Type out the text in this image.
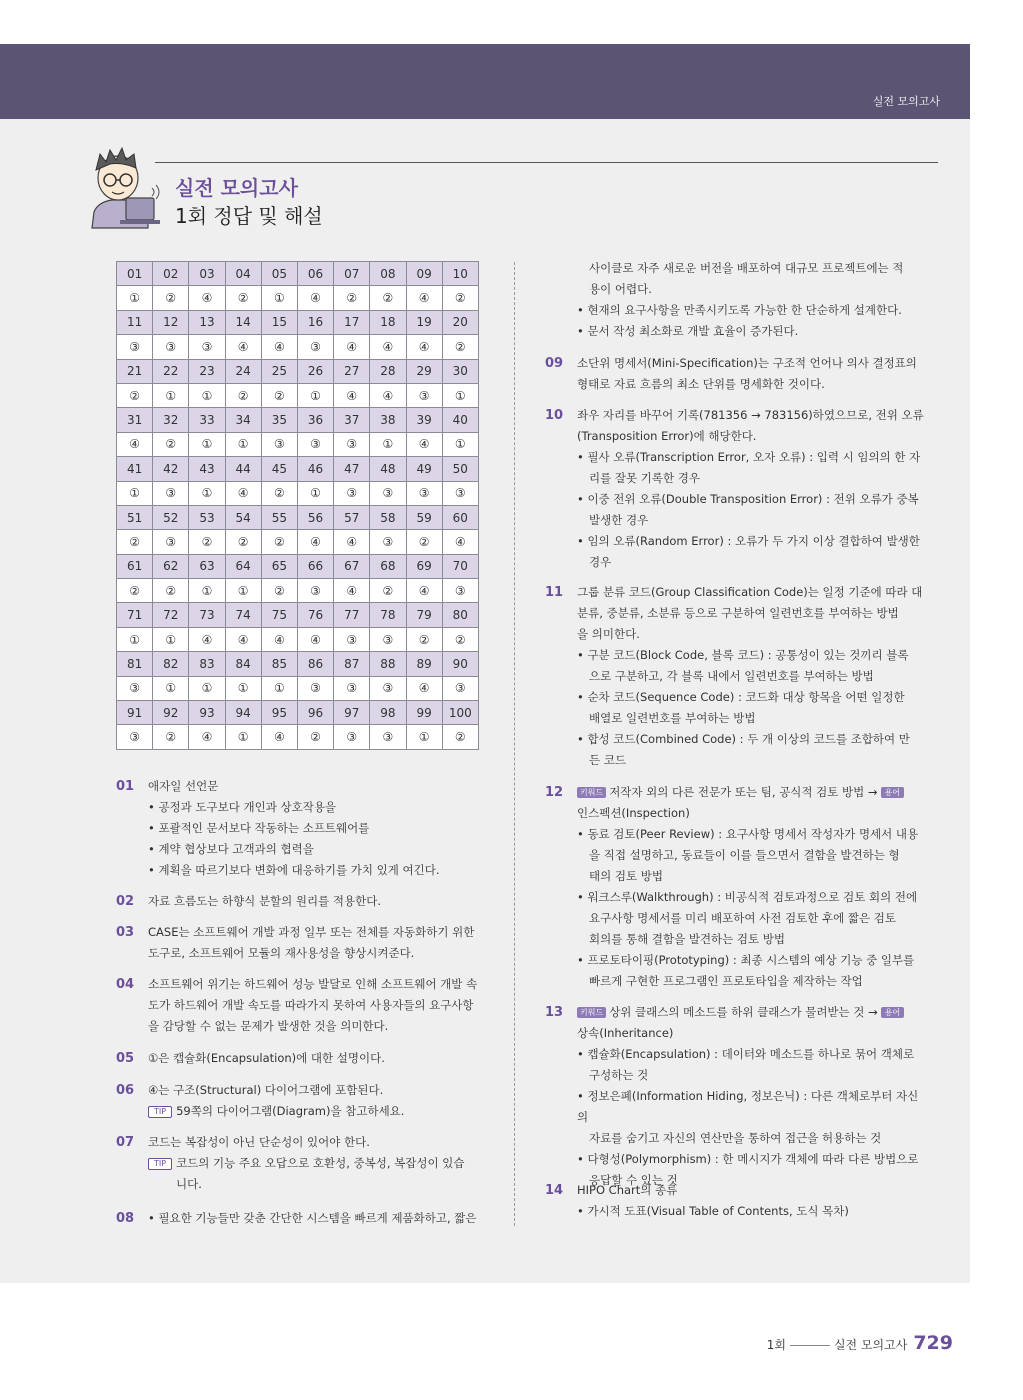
실전 모의고사
실전 모의고사
1회 정답 및 해설
01	02	03	04	05	06	07	08	09	10
①	②	④	②	①	④	②	②	④	②
11	12	13	14	15	16	17	18	19	20
③	③	③	④	④	③	④	④	④	②
21	22	23	24	25	26	27	28	29	30
②	①	①	②	②	①	④	④	③	①
31	32	33	34	35	36	37	38	39	40
④	②	①	①	③	③	③	①	④	①
41	42	43	44	45	46	47	48	49	50
①	③	①	④	②	①	③	③	③	③
51	52	53	54	55	56	57	58	59	60
②	③	②	②	②	④	④	③	②	④
61	62	63	64	65	66	67	68	69	70
②	②	①	①	②	③	④	②	④	③
71	72	73	74	75	76	77	78	79	80
①	①	④	④	④	④	③	③	②	②
81	82	83	84	85	86	87	88	89	90
③	①	①	①	①	③	③	③	④	③
91	92	93	94	95	96	97	98	99	100
③	②	④	①	④	②	③	③	①	②
01 애자일 선언문
• 공정과 도구보다 개인과 상호작용을
• 포괄적인 문서보다 작동하는 소프트웨어를
• 계약 협상보다 고객과의 협력을
• 계획을 따르기보다 변화에 대응하기를 가치 있게 여긴다.
02 자료 흐름도는 하향식 분할의 원리를 적용한다.
03 CASE는 소프트웨어 개발 과정 일부 또는 전체를 자동화하기 위한
도구로, 소프트웨어 모듈의 재사용성을 향상시켜준다.
04 소프트웨어 위기는 하드웨어 성능 발달로 인해 소프트웨어 개발 속
도가 하드웨어 개발 속도를 따라가지 못하여 사용자들의 요구사항
을 감당할 수 없는 문제가 발생한 것을 의미한다.
05 ①은 캡슐화(Encapsulation)에 대한 설명이다.
06 ④는 구조(Structural) 다이어그램에 포함된다.
TIP 59쪽의 다이어그램(Diagram)을 참고하세요.
07 코드는 복잡성이 아닌 단순성이 있어야 한다.
TIP 코드의 기능 주요 오답으로 호환성, 중복성, 복잡성이 있습
니다.
08 • 필요한 기능들만 갖춘 간단한 시스템을 빠르게 제품화하고, 짧은
사이클로 자주 새로운 버전을 배포하여 대규모 프로젝트에는 적
용이 어렵다.
• 현재의 요구사항을 만족시키도록 가능한 한 단순하게 설계한다.
• 문서 작성 최소화로 개발 효율이 증가된다.
09 소단위 명세서(Mini-Specification)는 구조적 언어나 의사 결정표의
형태로 자료 흐름의 최소 단위를 명세화한 것이다.
10 좌우 자리를 바꾸어 기록(781356 → 783156)하였으므로, 전위 오류
(Transposition Error)에 해당한다.
• 필사 오류(Transcription Error, 오자 오류) : 입력 시 임의의 한 자
리를 잘못 기록한 경우
• 이중 전위 오류(Double Transposition Error) : 전위 오류가 중복
발생한 경우
• 임의 오류(Random Error) : 오류가 두 가지 이상 결합하여 발생한
경우
11 그룹 분류 코드(Group Classification Code)는 일정 기준에 따라 대
분류, 중분류, 소분류 등으로 구분하여 일련번호를 부여하는 방법
을 의미한다.
• 구분 코드(Block Code, 블록 코드) : 공통성이 있는 것끼리 블록
으로 구분하고, 각 블록 내에서 일련번호를 부여하는 방법
• 순차 코드(Sequence Code) : 코드화 대상 항목을 어떤 일정한
배열로 일련번호를 부여하는 방법
• 합성 코드(Combined Code) : 두 개 이상의 코드를 조합하여 만
든 코드
12	키워드 저작자 외의 다른 전문가 또는 팀, 공식적 검토 방법 → 용어
인스펙션(Inspection)
• 동료 검토(Peer Review) : 요구사항 명세서 작성자가 명세서 내용
을 직접 설명하고, 동료들이 이를 들으면서 결함을 발견하는 형
태의 검토 방법
• 워크스루(Walkthrough) : 비공식적 검토과정으로 검토 회의 전에
요구사항 명세서를 미리 배포하여 사전 검토한 후에 짧은 검토
회의를 통해 결함을 발견하는 검토 방법
• 프로토타이핑(Prototyping) : 최종 시스템의 예상 기능 중 일부를
빠르게 구현한 프로그램인 프로토타입을 제작하는 작업
13	키워드 상위 클래스의 메소드를 하위 클래스가 물려받는 것 → 용어
상속(Inheritance)
• 캡슐화(Encapsulation) : 데이터와 메소드를 하나로 묶어 객체로
구성하는 것
• 정보은폐(Information Hiding, 정보은닉) : 다른 객체로부터 자신의
자료를 숨기고 자신의 연산만을 통하여 접근을 허용하는 것
• 다형성(Polymorphism) : 한 메시지가 객체에 따라 다른 방법으로
응답할 수 있는 것
14 HIPO Chart의 종류
• 가시적 도표(Visual Table of Contents, 도식 목차)
1회	실전 모의고사 729
